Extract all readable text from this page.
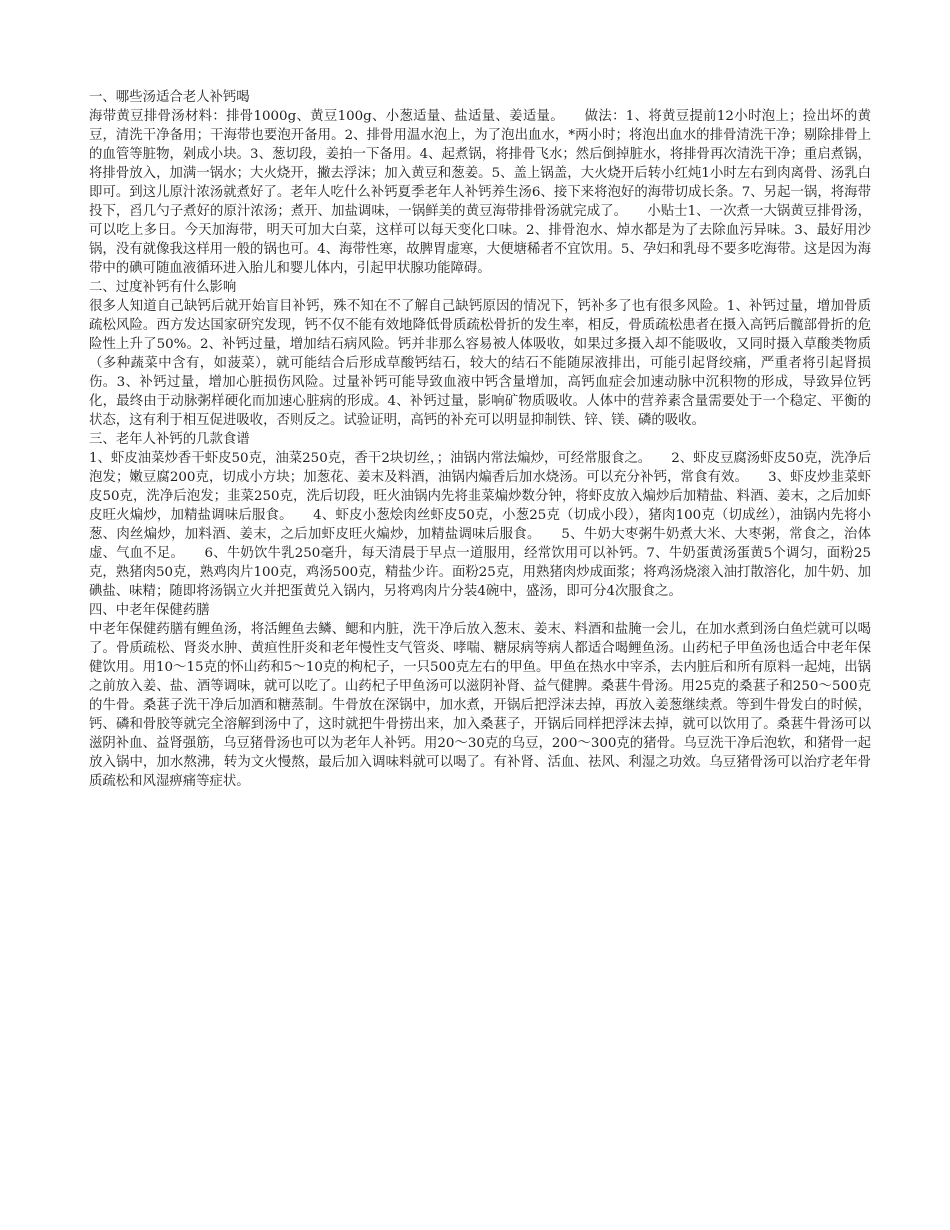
一、哪些汤适合老人补钙喝
海带黄豆排骨汤材料：排骨1000g、黄豆100g、小葱适量、盐适量、姜适量。　　做法：1、将黄豆提前12小时泡上；捡出坏的黄豆，清洗干净备用；干海带也要泡开备用。2、排骨用温水泡上，为了泡出血水，*两小时；将泡出血水的排骨清洗干净；剔除排骨上的血管等脏物，剁成小块。3、葱切段，姜拍一下备用。4、起煮锅，将排骨飞水；然后倒掉脏水，将排骨再次清洗干净；重启煮锅，将排骨放入，加满一锅水；大火烧开，撇去浮沫；加入黄豆和葱姜。5、盖上锅盖，大火烧开后转小红炖1小时左右到肉离骨、汤乳白即可。到这儿原汁浓汤就煮好了。老年人吃什么补钙夏季老年人补钙养生汤6、接下来将泡好的海带切成长条。7、另起一锅，将海带投下，舀几勺子煮好的原汁浓汤；煮开、加盐调味，一锅鲜美的黄豆海带排骨汤就完成了。　　小贴士1、一次煮一大锅黄豆排骨汤，可以吃上多日。今天加海带，明天可加大白菜，这样可以每天变化口味。2、排骨泡水、焯水都是为了去除血污异味。3、最好用沙锅，没有就像我这样用一般的锅也可。4、海带性寒，故脾胃虚寒，大便塘稀者不宜饮用。5、孕妇和乳母不要多吃海带。这是因为海带中的碘可随血液循环进入胎儿和婴儿体内，引起甲状腺功能障碍。
二、过度补钙有什么影响
很多人知道自己缺钙后就开始盲目补钙，殊不知在不了解自己缺钙原因的情况下，钙补多了也有很多风险。1、补钙过量，增加骨质疏松风险。西方发达国家研究发现，钙不仅不能有效地降低骨质疏松骨折的发生率，相反，骨质疏松患者在摄入高钙后髋部骨折的危险性上升了50%。2、补钙过量，增加结石病风险。钙并非那么容易被人体吸收，如果过多摄入却不能吸收，又同时摄入草酸类物质（多种蔬菜中含有，如菠菜），就可能结合后形成草酸钙结石，较大的结石不能随尿液排出，可能引起肾绞痛，严重者将引起肾损伤。3、补钙过量，增加心脏损伤风险。过量补钙可能导致血液中钙含量增加，高钙血症会加速动脉中沉积物的形成，导致异位钙化，最终由于动脉粥样硬化而加速心脏病的形成。4、补钙过量，影响矿物质吸收。人体中的营养素含量需要处于一个稳定、平衡的状态，这有利于相互促进吸收，否则反之。试验证明，高钙的补充可以明显抑制铁、锌、镁、磷的吸收。
三、老年人补钙的几款食谱
1、虾皮油菜炒香干虾皮50克，油菜250克，香干2块切丝，；油锅内常法煸炒，可经常服食之。　　2、虾皮豆腐汤虾皮50克，洗净后泡发；嫩豆腐200克，切成小方块；加葱花、姜末及料酒，油锅内煸香后加水烧汤。可以充分补钙，常食有效。　　3、虾皮炒韭菜虾皮50克，洗净后泡发；韭菜250克，洗后切段，旺火油锅内先将韭菜煸炒数分钟，将虾皮放入煸炒后加精盐、料酒、姜末，之后加虾皮旺火煸炒，加精盐调味后服食。　　4、虾皮小葱烩肉丝虾皮50克，小葱25克（切成小段），猪肉100克（切成丝），油锅内先将小葱、肉丝煸炒，加料酒、姜末，之后加虾皮旺火煸炒，加精盐调味后服食。　　5、牛奶大枣粥牛奶煮大米、大枣粥，常食之，治体虚、气血不足。　　6、牛奶饮牛乳250毫升，每天清晨于早点一道服用，经常饮用可以补钙。7、牛奶蛋黄汤蛋黄5个调匀，面粉25克，熟猪肉50克，熟鸡肉片100克，鸡汤500克，精盐少许。面粉25克，用熟猪肉炒成面浆；将鸡汤烧滚入油打散溶化，加牛奶、加碘盐、味精；随即将汤锅立火并把蛋黄兑入锅内，另将鸡肉片分装4碗中，盛汤，即可分4次服食之。
四、中老年保健药膳
中老年保健药膳有鲤鱼汤，将活鲤鱼去鳞、鳃和内脏，洗干净后放入葱末、姜末、料酒和盐腌一会儿，在加水煮到汤白鱼烂就可以喝了。骨质疏松、肾炎水肿、黄疸性肝炎和老年慢性支气管炎、哮喘、糖尿病等病人都适合喝鲤鱼汤。山药杞子甲鱼汤也适合中老年保健饮用。用10～15克的怀山药和5～10克的枸杞子，一只500克左右的甲鱼。甲鱼在热水中宰杀，去内脏后和所有原料一起炖，出锅之前放入姜、盐、酒等调味，就可以吃了。山药杞子甲鱼汤可以滋阴补肾、益气健脾。桑葚牛骨汤。用25克的桑葚子和250～500克的牛骨。桑葚子洗干净后加酒和糖蒸制。牛骨放在深锅中，加水煮，开锅后把浮沫去掉，再放入姜葱继续煮。等到牛骨发白的时候，钙、磷和骨胶等就完全溶解到汤中了，这时就把牛骨捞出来，加入桑葚子，开锅后同样把浮沫去掉，就可以饮用了。桑葚牛骨汤可以滋阴补血、益肾强筋，乌豆猪骨汤也可以为老年人补钙。用20～30克的乌豆，200～300克的猪骨。乌豆洗干净后泡软，和猪骨一起放入锅中，加水熬沸，转为文火慢熬，最后加入调味料就可以喝了。有补肾、活血、祛风、利湿之功效。乌豆猪骨汤可以治疗老年骨质疏松和风湿痹痛等症状。
